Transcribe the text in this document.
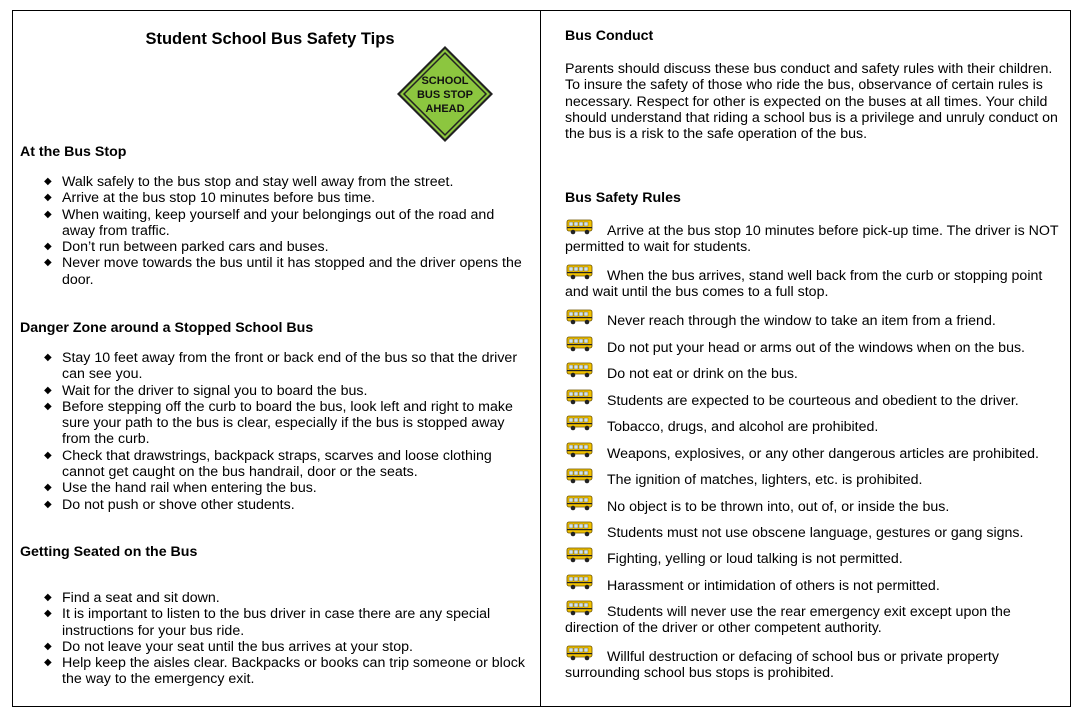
Student School Bus Safety Tips
SCHOOL
BUS STOP
AHEAD

At the Bus Stop

◆ Walk safely to the bus stop and stay well away from the street.
◆ Arrive at the bus stop 10 minutes before bus time.
◆ When waiting, keep yourself and your belongings out of the road and away from traffic.
◆ Don’t run between parked cars and buses.
◆ Never move towards the bus until it has stopped and the driver opens the door.

Danger Zone around a Stopped School Bus

◆ Stay 10 feet away from the front or back end of the bus so that the driver can see you.
◆ Wait for the driver to signal you to board the bus.
◆ Before stepping off the curb to board the bus, look left and right to make sure your path to the bus is clear, especially if the bus is stopped away from the curb.
◆ Check that drawstrings, backpack straps, scarves and loose clothing cannot get caught on the bus handrail, door or the seats.
◆ Use the hand rail when entering the bus.
◆ Do not push or shove other students.

Getting Seated on the Bus

◆ Find a seat and sit down.
◆ It is important to listen to the bus driver in case there are any special instructions for your bus ride.
◆ Do not leave your seat until the bus arrives at your stop.
◆ Help keep the aisles clear. Backpacks or books can trip someone or block the way to the emergency exit.

Bus Conduct

Parents should discuss these bus conduct and safety rules with their children. To insure the safety of those who ride the bus, observance of certain rules is necessary. Respect for other is expected on the buses at all times. Your child should understand that riding a school bus is a privilege and unruly conduct on the bus is a risk to the safe operation of the bus.

Bus Safety Rules

Arrive at the bus stop 10 minutes before pick-up time. The driver is NOT permitted to wait for students.
When the bus arrives, stand well back from the curb or stopping point and wait until the bus comes to a full stop.
Never reach through the window to take an item from a friend.
Do not put your head or arms out of the windows when on the bus.
Do not eat or drink on the bus.
Students are expected to be courteous and obedient to the driver.
Tobacco, drugs, and alcohol are prohibited.
Weapons, explosives, or any other dangerous articles are prohibited.
The ignition of matches, lighters, etc. is prohibited.
No object is to be thrown into, out of, or inside the bus.
Students must not use obscene language, gestures or gang signs.
Fighting, yelling or loud talking is not permitted.
Harassment or intimidation of others is not permitted.
Students will never use the rear emergency exit except upon the direction of the driver or other competent authority.
Willful destruction or defacing of school bus or private property surrounding school bus stops is prohibited.
